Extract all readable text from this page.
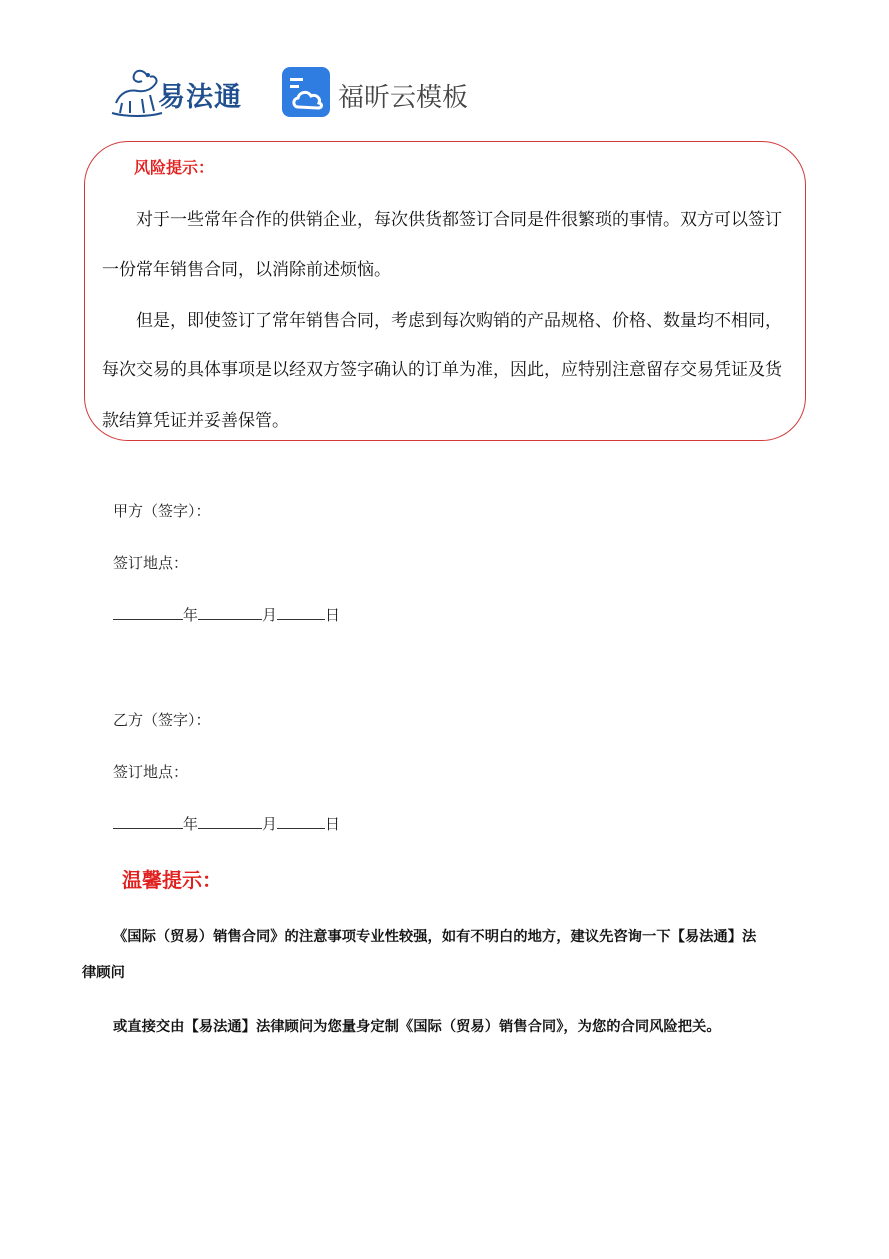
易法通	福昕云模板
风险提示：
对于一些常年合作的供销企业，每次供货都签订合同是件很繁琐的事情。双方可以签订
一份常年销售合同，以消除前述烦恼。
但是，即使签订了常年销售合同，考虑到每次购销的产品规格、价格、数量均不相同，
每次交易的具体事项是以经双方签字确认的订单为准，因此，应特别注意留存交易凭证及货
款结算凭证并妥善保管。
甲方（签字）：
签订地点：
年	月	日
乙方（签字）：
签订地点：
年	月	日
温馨提示：
《国际（贸易）销售合同》的注意事项专业性较强，如有不明白的地方，建议先咨询一下【易法通】法
律顾问
或直接交由【易法通】法律顾问为您量身定制《国际（贸易）销售合同》，为您的合同风险把关。
